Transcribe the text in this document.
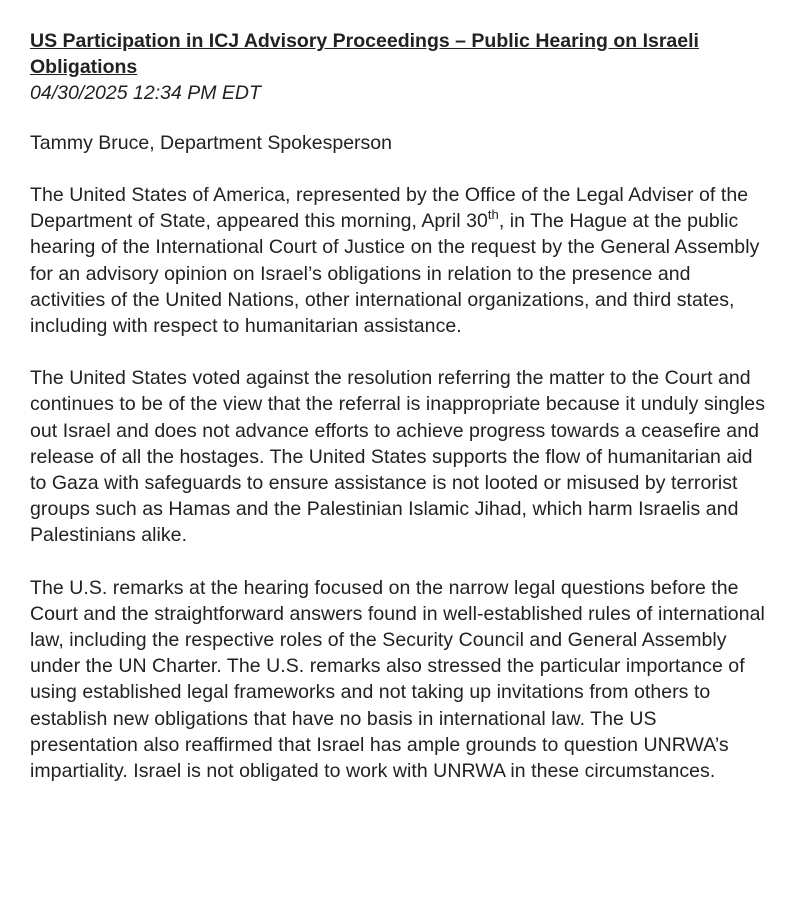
US Participation in ICJ Advisory Proceedings – Public Hearing on Israeli Obligations

04/30/2025 12:34 PM EDT

Tammy Bruce, Department Spokesperson

The United States of America, represented by the Office of the Legal Adviser of the Department of State, appeared this morning, April 30th, in The Hague at the public hearing of the International Court of Justice on the request by the General Assembly for an advisory opinion on Israel’s obligations in relation to the presence and activities of the United Nations, other international organizations, and third states, including with respect to humanitarian assistance.

The United States voted against the resolution referring the matter to the Court and continues to be of the view that the referral is inappropriate because it unduly singles out Israel and does not advance efforts to achieve progress towards a ceasefire and release of all the hostages. The United States supports the flow of humanitarian aid to Gaza with safeguards to ensure assistance is not looted or misused by terrorist groups such as Hamas and the Palestinian Islamic Jihad, which harm Israelis and Palestinians alike.

The U.S. remarks at the hearing focused on the narrow legal questions before the Court and the straightforward answers found in well-established rules of international law, including the respective roles of the Security Council and General Assembly under the UN Charter. The U.S. remarks also stressed the particular importance of using established legal frameworks and not taking up invitations from others to establish new obligations that have no basis in international law. The US presentation also reaffirmed that Israel has ample grounds to question UNRWA’s impartiality. Israel is not obligated to work with UNRWA in these circumstances.
